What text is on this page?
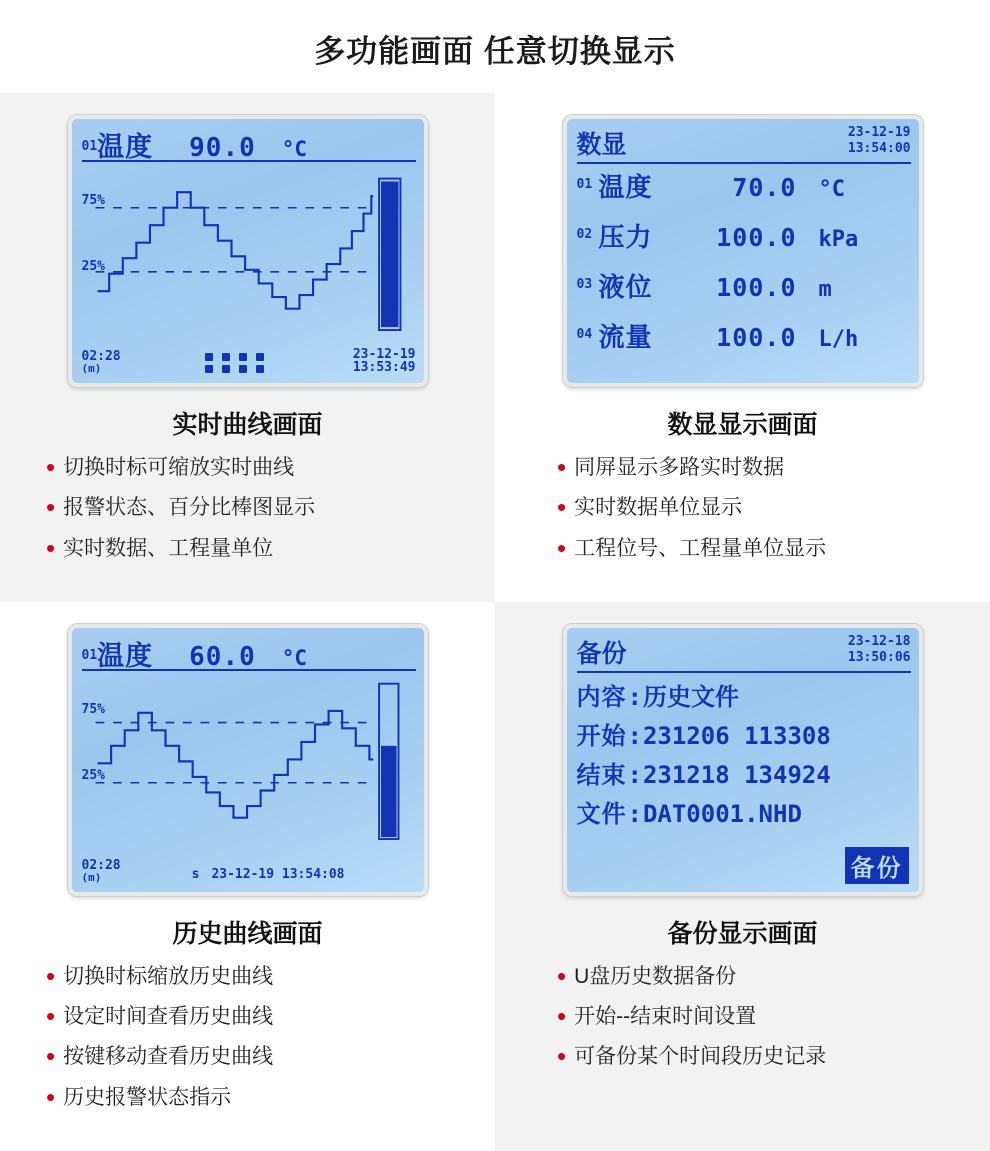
多功能画面 任意切换显示
01 温度 90.0 °C
75%
25%
02:28
(m)
23-12-19
13:53:49
实时曲线画面
• 切换时标可缩放实时曲线
• 报警状态、百分比棒图显示
• 实时数据、工程量单位
数显	23-12-19
13:54:00
01 温度	70.0 °C
02 压力	100.0 kPa
03 液位	100.0 m
04 流量	100.0 L/h
数显显示画面
• 同屏显示多路实时数据
• 实时数据单位显示
• 工程位号、工程量单位显示
01 温度 60.0 °C
75%
25%
02:28
(m)	s 23-12-19 13:54:08
历史曲线画面
• 切换时标缩放历史曲线
• 设定时间查看历史曲线
• 按键移动查看历史曲线
• 历史报警状态指示
备份	23-12-18
13:50:06
内容 : 历史文件
开始 : 231206 113308
结束 : 231218 134924
文件 : DAT0001.NHD
备份
备份显示画面
• U盘历史数据备份
• 开始--结束时间设置
• 可备份某个时间段历史记录
